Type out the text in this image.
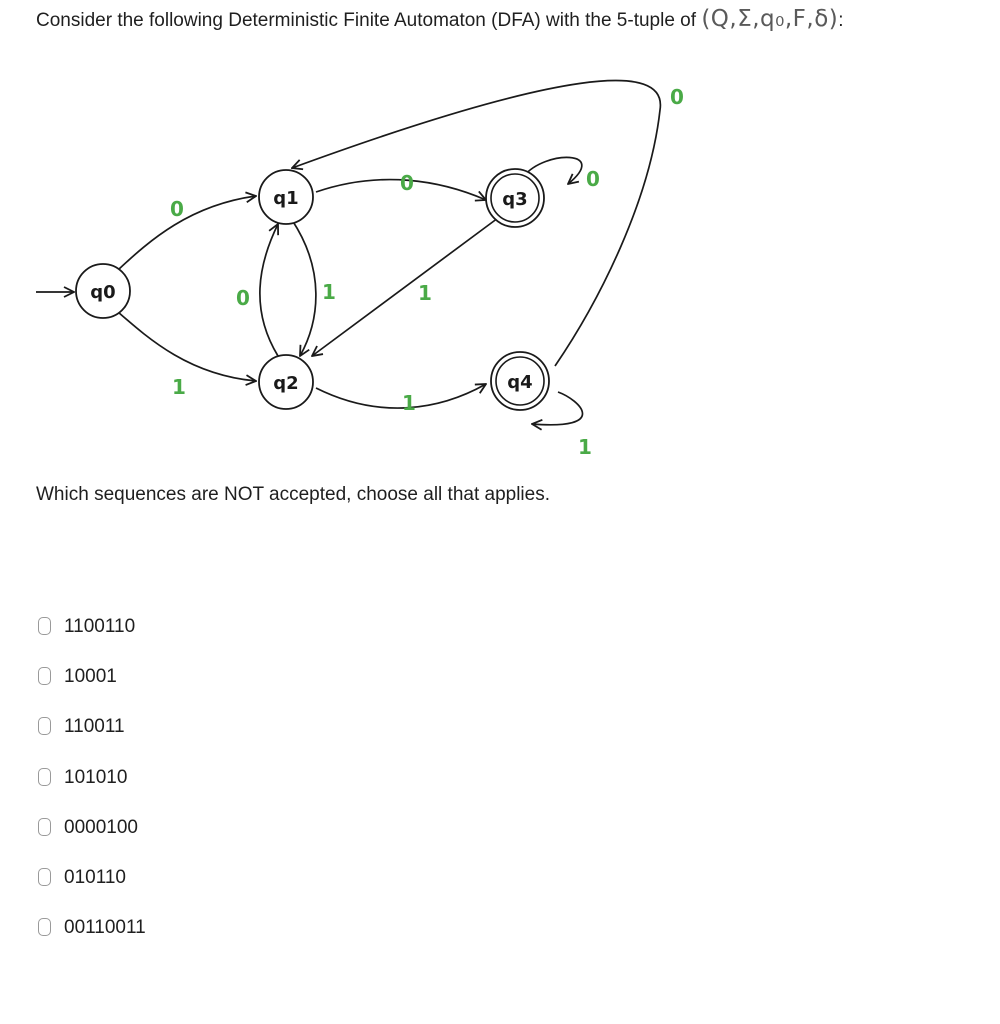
Consider the following Deterministic Finite Automaton (DFA) with the 5-tuple of (Q,Σ,q₀,F,δ):
q0
q1
q2
q3
q4
0
1
0
1
0
1
1
0
1
0
Which sequences are NOT accepted, choose all that applies.
1100110
10001
110011
101010
0000100
010110
00110011
